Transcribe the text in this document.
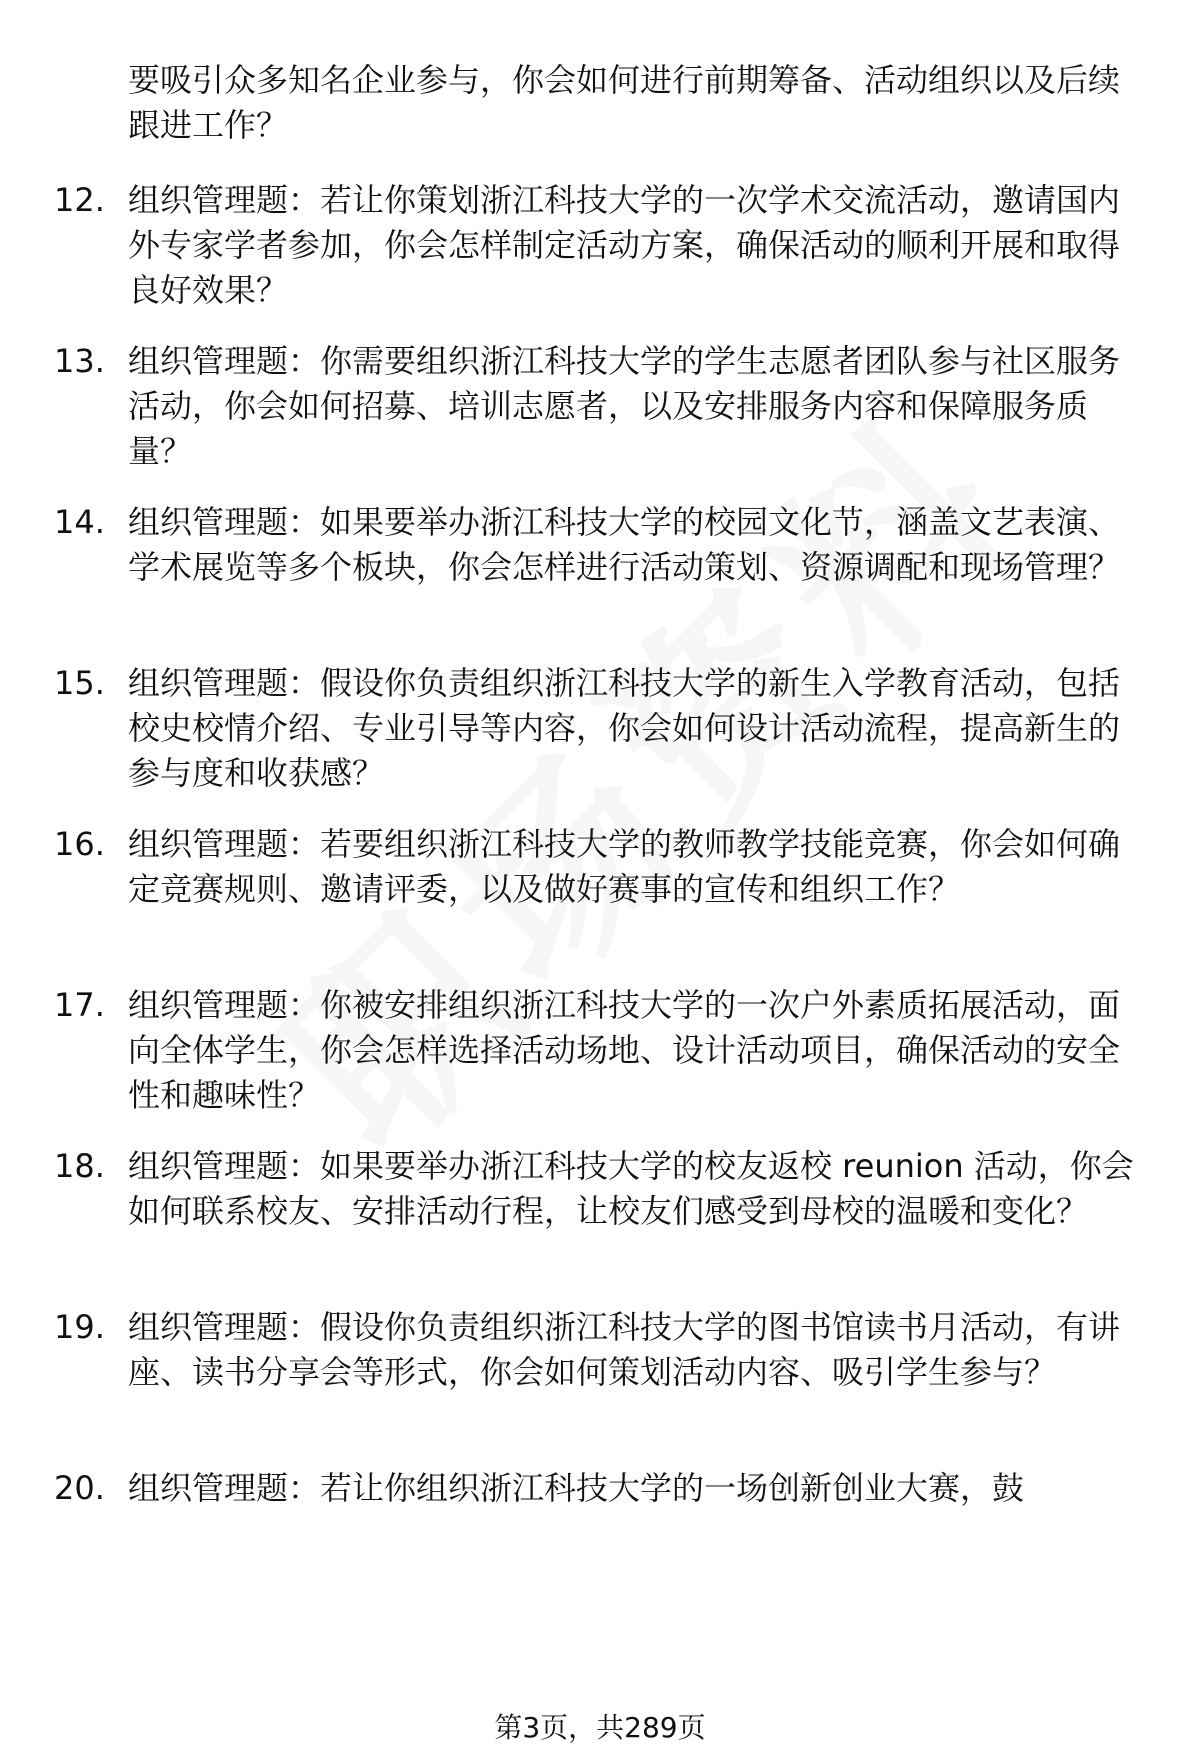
要吸引众多知名企业参与，你会如何进行前期筹备、活动组织以及后续跟进工作？
12. 组织管理题：若让你策划浙江科技大学的一次学术交流活动，邀请国内外专家学者参加，你会怎样制定活动方案，确保活动的顺利开展和取得良好效果？
13. 组织管理题：你需要组织浙江科技大学的学生志愿者团队参与社区服务活动，你会如何招募、培训志愿者，以及安排服务内容和保障服务质量？
14. 组织管理题：如果要举办浙江科技大学的校园文化节，涵盖文艺表演、学术展览等多个板块，你会怎样进行活动策划、资源调配和现场管理？
15. 组织管理题：假设你负责组织浙江科技大学的新生入学教育活动，包括校史校情介绍、专业引导等内容，你会如何设计活动流程，提高新生的参与度和收获感？
16. 组织管理题：若要组织浙江科技大学的教师教学技能竞赛，你会如何确定竞赛规则、邀请评委，以及做好赛事的宣传和组织工作？
17. 组织管理题：你被安排组织浙江科技大学的一次户外素质拓展活动，面向全体学生，你会怎样选择活动场地、设计活动项目，确保活动的安全性和趣味性？
18. 组织管理题：如果要举办浙江科技大学的校友返校 reunion 活动，你会如何联系校友、安排活动行程，让校友们感受到母校的温暖和变化？
19. 组织管理题：假设你负责组织浙江科技大学的图书馆读书月活动，有讲座、读书分享会等形式，你会如何策划活动内容、吸引学生参与？
20. 组织管理题：若让你组织浙江科技大学的一场创新创业大赛，鼓
第3页，共289页
